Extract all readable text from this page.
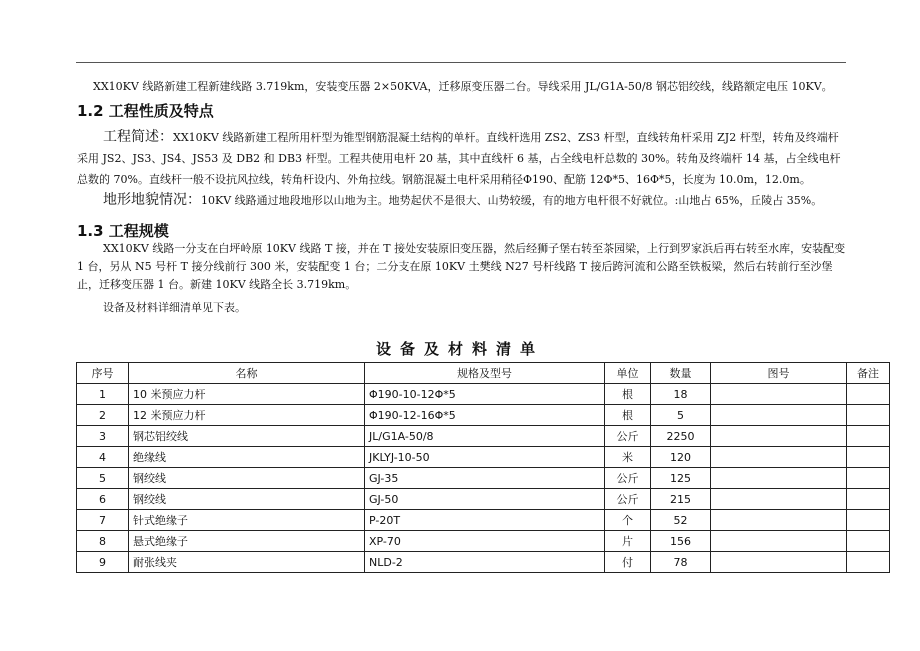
XX10KV 线路新建工程新建线路 3.719km，安装变压器 2×50KVA，迁移原变压器二台。导线采用 JL/G1A-50/8 钢芯铝绞线，线路额定电压 10KV。

1.2 工程性质及特点

工程简述：XX10KV 线路新建工程所用杆型为锥型钢筋混凝土结构的单杆。直线杆选用 ZS2、ZS3 杆型，直线转角杆采用 ZJ2 杆型，转角及终端杆采用 JS2、JS3、JS4、JS53 及 DB2 和 DB3 杆型。工程共使用电杆 20 基，其中直线杆 6 基，占全线电杆总数的 30%。转角及终端杆 14 基，占全线电杆总数的 70%。直线杆一般不设抗风拉线，转角杆设内、外角拉线。钢筋混凝土电杆采用稍径Φ190、配筋 12Φ*5、16Φ*5，长度为 10.0m，12.0m。

地形地貌情况：10KV 线路通过地段地形以山地为主。地势起伏不是很大、山势较缓，有的地方电杆很不好就位。:山地占 65%，丘陵占 35%。

1.3 工程规模

XX10KV 线路一分支在白坪岭原 10KV 线路 T 接，并在 T 接处安装原旧变压器，然后经狮子堡右转至茶园梁，上行到罗家浜后再右转至水库，安装配变 1 台，另从 N5 号杆 T 接分线前行 300 米，安装配变 1 台；二分支在原 10KV 土樊线 N27 号杆线路 T 接后跨河流和公路至铁板梁，然后右转前行至沙堡止，迁移变压器 1 台。新建 10KV 线路全长 3.719km。

设备及材料详细清单见下表。

设备及材料清单
序号	名称	规格及型号	单位	数量	图号	备注
1	10 米预应力杆	Φ190-10-12Φ*5	根	18		
2	12 米预应力杆	Φ190-12-16Φ*5	根	5		
3	钢芯铝绞线	JL/G1A-50/8	公斤	2250		
4	绝缘线	JKLYJ-10-50	米	120		
5	钢绞线	GJ-35	公斤	125		
6	钢绞线	GJ-50	公斤	215		
7	针式绝缘子	P-20T	个	52		
8	悬式绝缘子	XP-70	片	156		
9	耐张线夹	NLD-2	付	78		
